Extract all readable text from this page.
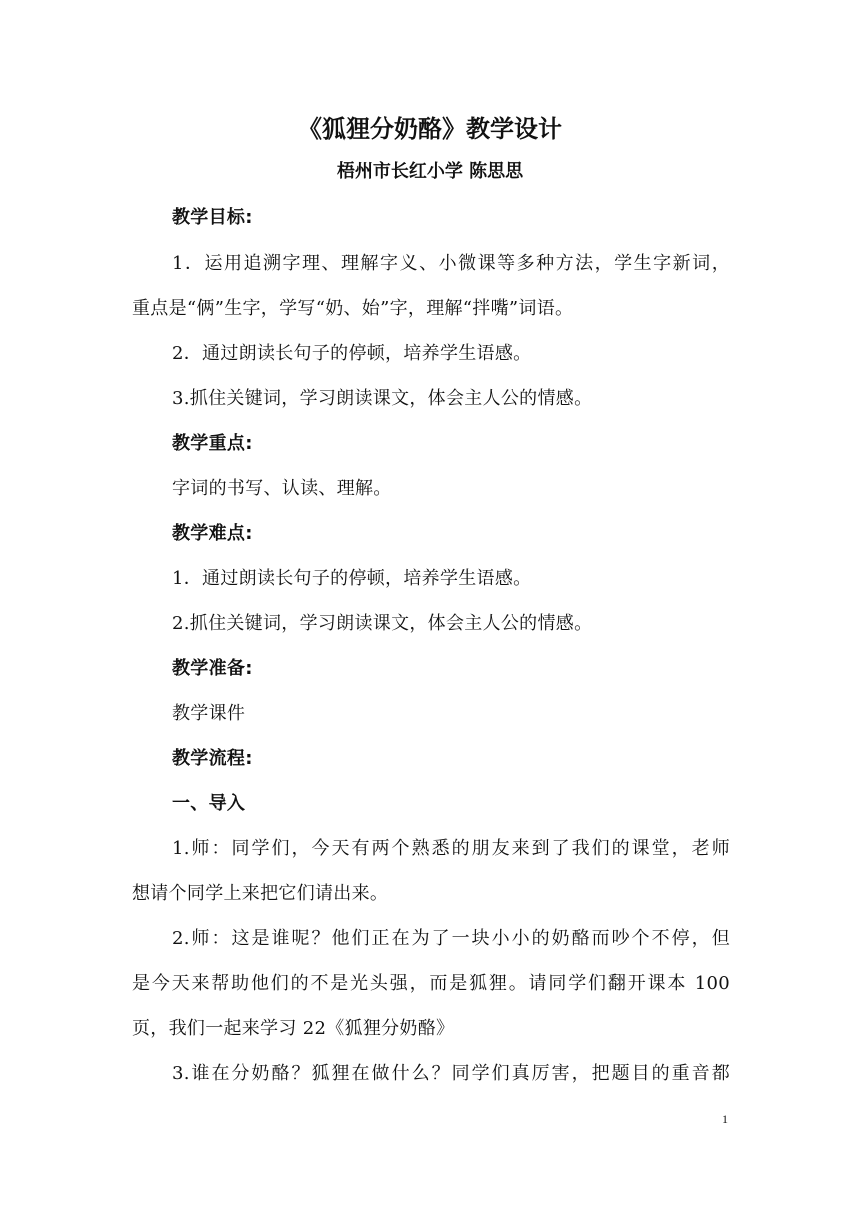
《狐狸分奶酪》教学设计
梧州市长红小学 陈思思
教学目标:
1．运用追溯字理、理解字义、小微课等多种方法，学生字新词，
重点是“俩”生字，学写“奶、始”字，理解“拌嘴”词语。
2．通过朗读长句子的停顿，培养学生语感。
3.抓住关键词，学习朗读课文，体会主人公的情感。
教学重点:
字词的书写、认读、理解。
教学难点:
1．通过朗读长句子的停顿，培养学生语感。
2.抓住关键词，学习朗读课文，体会主人公的情感。
教学准备:
教学课件
教学流程:
一、导入
1.师：同学们，今天有两个熟悉的朋友来到了我们的课堂，老师
想请个同学上来把它们请出来。
2.师：这是谁呢？他们正在为了一块小小的奶酪而吵个不停，但
是今天来帮助他们的不是光头强，而是狐狸。请同学们翻开课本 100
页，我们一起来学习 22《狐狸分奶酪》
3.谁在分奶酪？狐狸在做什么？同学们真厉害，把题目的重音都
1
